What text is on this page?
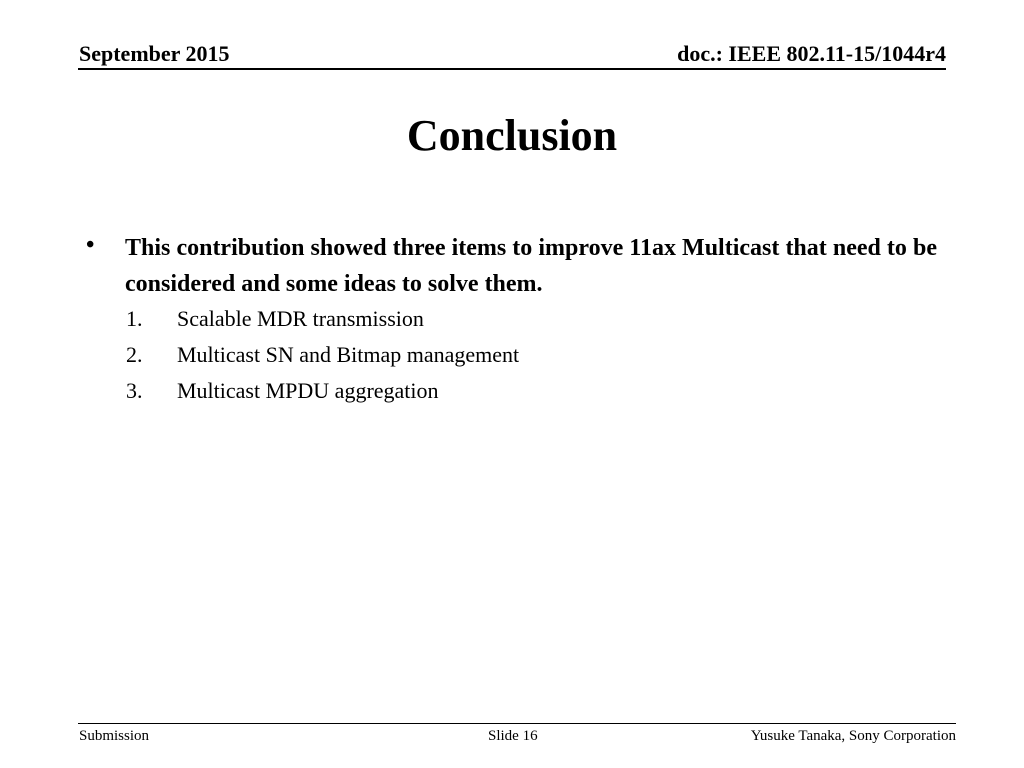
September 2015	doc.: IEEE 802.11-15/1044r4
Conclusion
• This contribution showed three items to improve 11ax Multicast that need to be considered and some ideas to solve them.
1. Scalable MDR transmission
2. Multicast SN and Bitmap management
3. Multicast MPDU aggregation
Submission	Slide 16	Yusuke Tanaka, Sony Corporation
